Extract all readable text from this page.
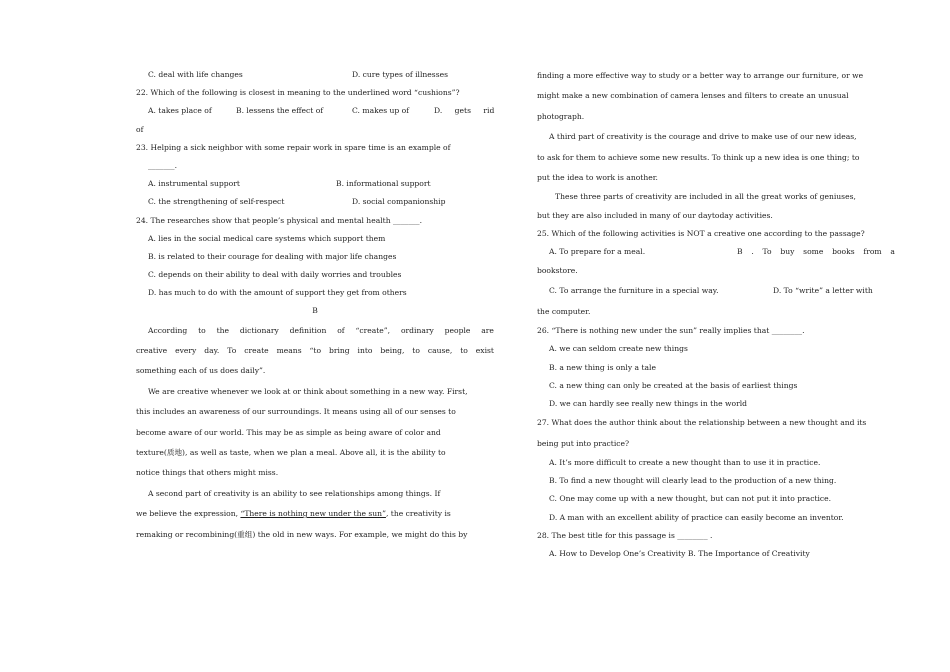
C. deal with life changes	D. cure types of illnesses
22. Which of the following is closest in meaning to the underlined word “cushions”?
A. takes place of	B. lessens the effect of	C. makes up of	D. gets rid
of
23. Helping a sick neighbor with some repair work in spare time is an example of
_______.
A. instrumental support	B. informational support
C. the strengthening of self-respect	D. social companionship
24. The researches show that people’s physical and mental health _______.
A. lies in the social medical care systems which support them
B. is related to their courage for dealing with major life changes
C. depends on their ability to deal with daily worries and troubles
D. has much to do with the amount of support they get from others
B
According to the dictionary definition of “create”, ordinary people are
creative every day. To create means “to bring into being, to cause, to exist
something each of us does daily”.
We are creative whenever we look at or think about something in a new way. First,
this includes an awareness of our surroundings. It means using all of our senses to
become aware of our world. This may be as simple as being aware of color and
texture(质地), as well as taste, when we plan a meal. Above all, it is the ability to
notice things that others might miss.
A second part of creativity is an ability to see relationships among things. If
we believe the expression, “There is nothing new under the sun”, the creativity is
remaking or recombining(重组) the old in new ways. For example, we might do this by
finding a more effective way to study or a better way to arrange our furniture, or we
might make a new combination of camera lenses and filters to create an unusual
photograph.
A third part of creativity is the courage and drive to make use of our new ideas,
to ask for them to achieve some new results. To think up a new idea is one thing; to
put the idea to work is another.
These three parts of creativity are included in all the great works of geniuses,
but they are also included in many of our daytoday activities.
25. Which of the following activities is NOT a creative one according to the passage?
A. To prepare for a meal.	B . To buy some books from a
bookstore.
C. To arrange the furniture in a special way.	D. To “write” a letter with
the computer.
26. “There is nothing new under the sun” really implies that ________.
A. we can seldom create new things
B. a new thing is only a tale
C. a new thing can only be created at the basis of earliest things
D. we can hardly see really new things in the world
27. What does the author think about the relationship between a new thought and its
being put into practice?
A. It’s more difficult to create a new thought than to use it in practice.
B. To find a new thought will clearly lead to the production of a new thing.
C. One may come up with a new thought, but can not put it into practice.
D. A man with an excellent ability of practice can easily become an inventor.
28. The best title for this passage is ________ .
A. How to Develop One’s Creativity B. The Importance of Creativity
